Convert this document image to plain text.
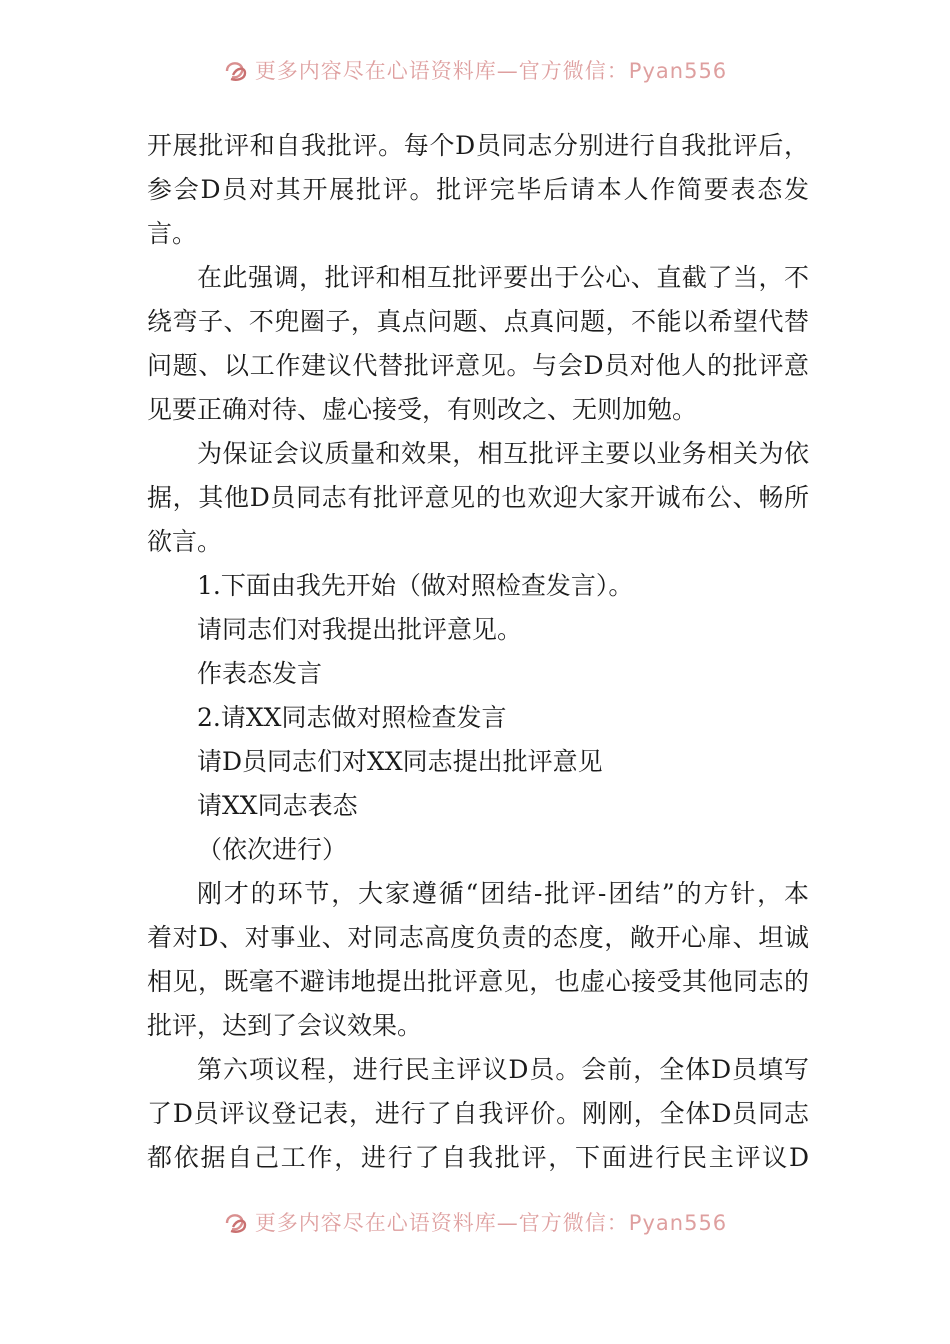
更多内容尽在心语资料库—官方微信：Pyan556
开展批评和自我批评。每个D员同志分别进行自我批评后，
参会D员对其开展批评。批评完毕后请本人作简要表态发
言。
在此强调，批评和相互批评要出于公心、直截了当，不
绕弯子、不兜圈子，真点问题、点真问题，不能以希望代替
问题、以工作建议代替批评意见。与会D员对他人的批评意
见要正确对待、虚心接受，有则改之、无则加勉。
为保证会议质量和效果，相互批评主要以业务相关为依
据，其他D员同志有批评意见的也欢迎大家开诚布公、畅所
欲言。
1.下面由我先开始（做对照检查发言）。
请同志们对我提出批评意见。
作表态发言
2.请XX同志做对照检查发言
请D员同志们对XX同志提出批评意见
请XX同志表态
（依次进行）
刚才的环节，大家遵循“团结-批评-团结”的方针，本
着对D、对事业、对同志高度负责的态度，敞开心扉、坦诚
相见，既毫不避讳地提出批评意见，也虚心接受其他同志的
批评，达到了会议效果。
第六项议程，进行民主评议D员。会前，全体D员填写
了D员评议登记表，进行了自我评价。刚刚，全体D员同志
都依据自己工作，进行了自我批评，下面进行民主评议D
更多内容尽在心语资料库—官方微信：Pyan556
